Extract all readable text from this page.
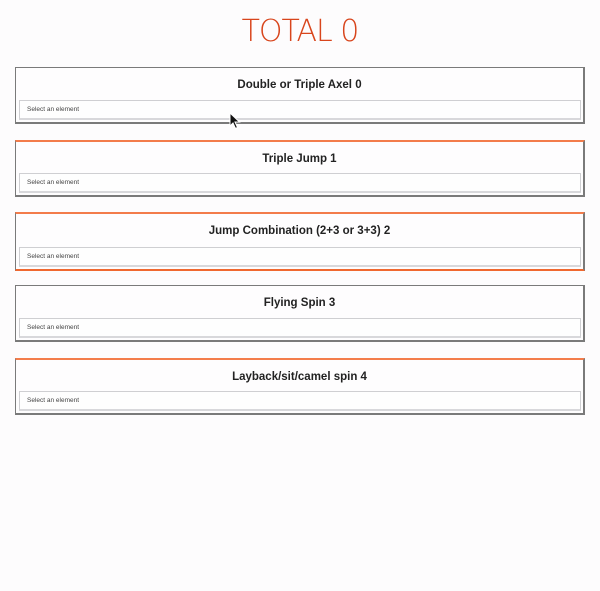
TOTAL 0
Double or Triple Axel 0
Select an element
Triple Jump 1
Select an element
Jump Combination (2+3 or 3+3) 2
Select an element
Flying Spin 3
Select an element
Layback/sit/camel spin 4
Select an element
